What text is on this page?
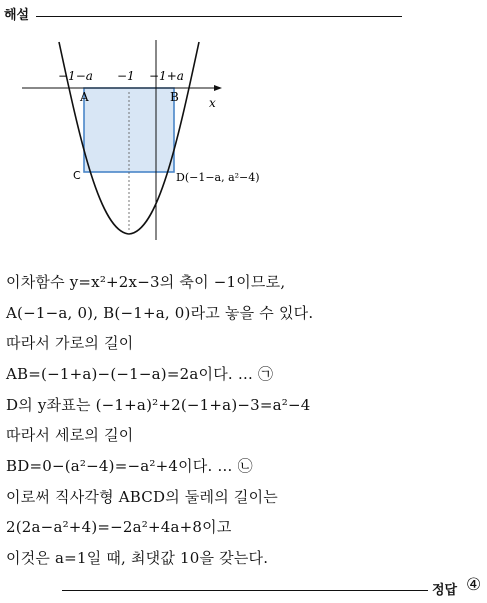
해설
−1−a −1 −1+a
x
A	B
C	D(−1−a, a²−4)
이차함수 y=x²+2x−3의 축이 −1이므로,
A(−1−a, 0), B(−1+a, 0)라고 놓을 수 있다.
따라서 가로의 길이
AB=(−1+a)−(−1−a)=2a이다. … ㉠
D의 y좌표는 (−1+a)²+2(−1+a)−3=a²−4
따라서 세로의 길이
BD=0−(a²−4)=−a²+4이다. … ㉡
이로써 직사각형 ABCD의 둘레의 길이는
2(2a−a²+4)=−2a²+4a+8이고
이것은 a=1일 때, 최댓값 10을 갖는다.
정답 ④
